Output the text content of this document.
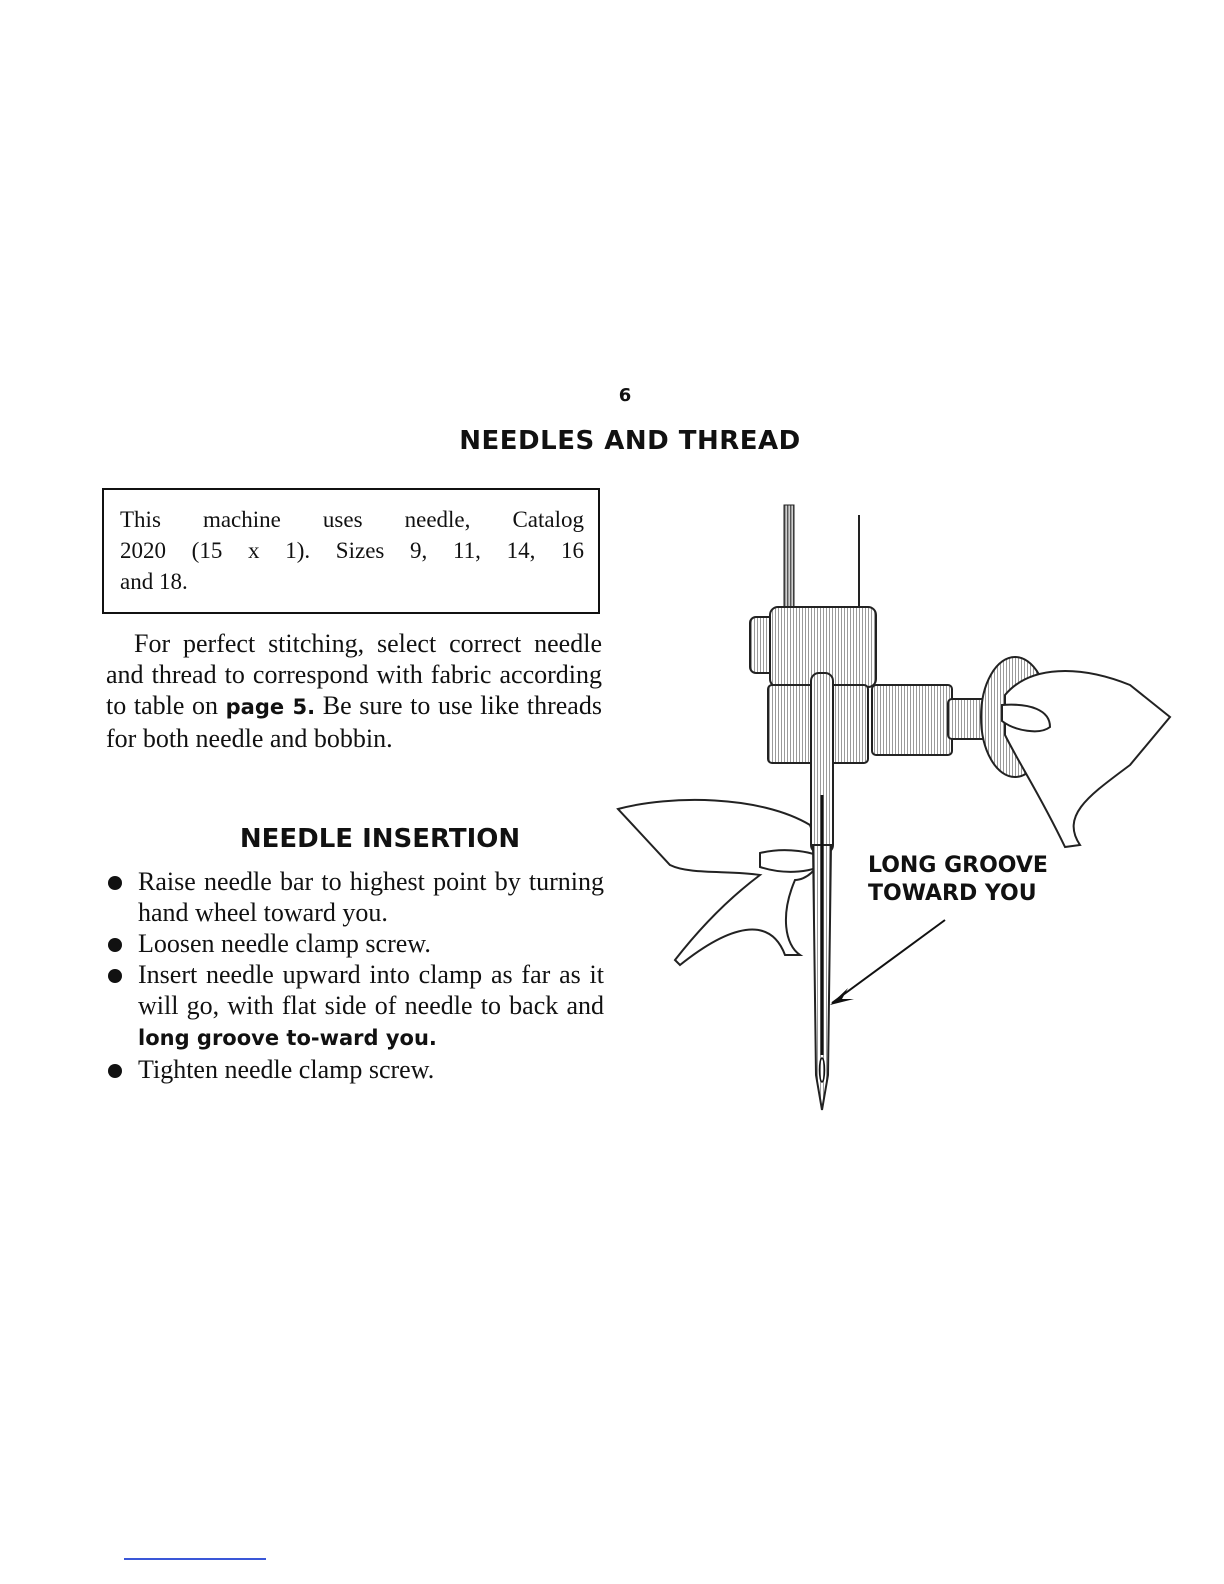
6
NEEDLES AND THREAD
This machine uses needle, Catalog
2020 (15 x 1). Sizes 9, 11, 14, 16
and 18.
For perfect stitching, select correct needle and thread to correspond with fabric according to table on page 5. Be sure to use like threads for both needle and bobbin.
NEEDLE INSERTION
Raise needle bar to highest point by turning hand wheel toward you.
Loosen needle clamp screw.
Insert needle upward into clamp as far as it will go, with flat side of needle to back and long groove to-ward you.
Tighten needle clamp screw.
LONG GROOVE
TOWARD YOU
